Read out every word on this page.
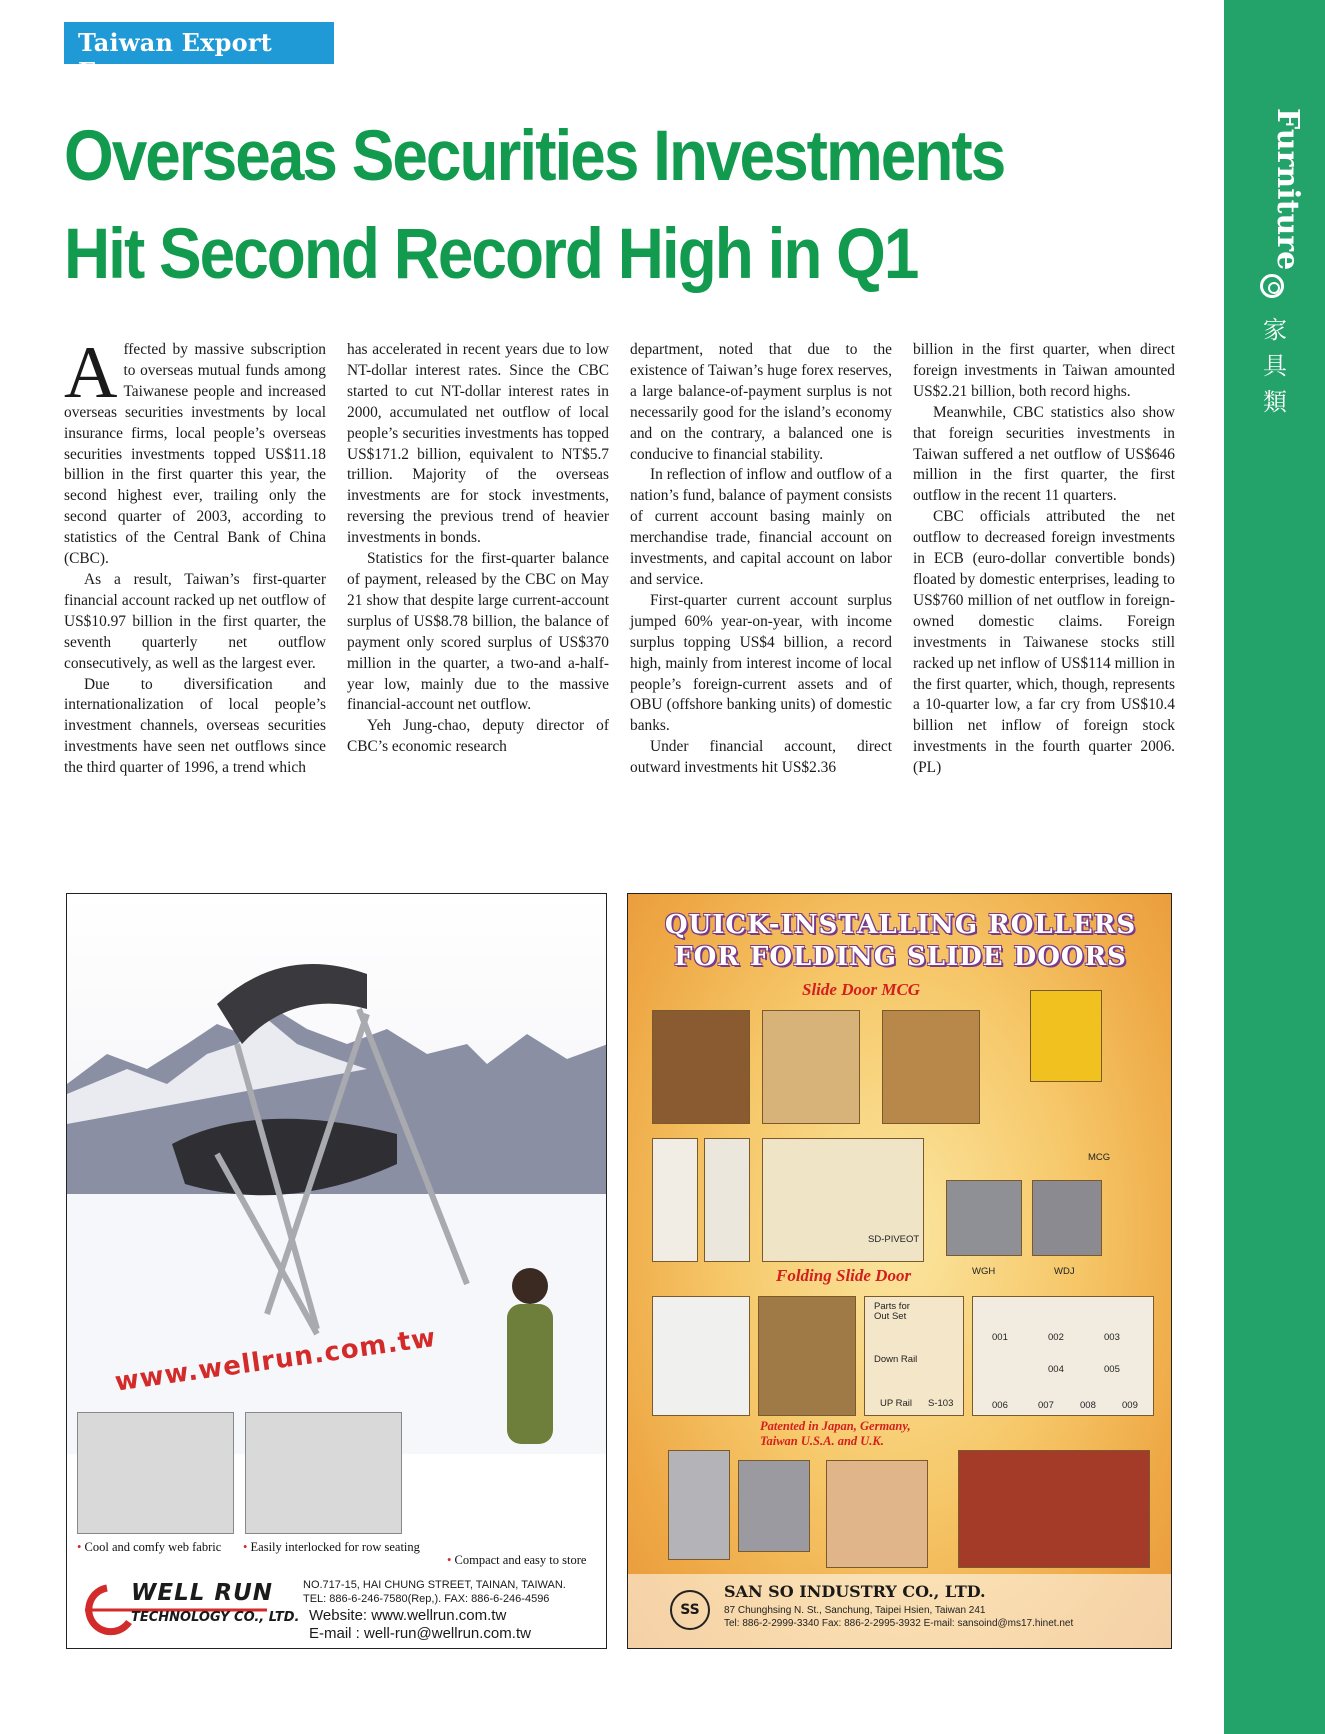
Taiwan Export Express
Furniture
家
具
類
Overseas Securities Investments Hit Second Record High in Q1

Affected by massive subscription to overseas mutual funds among Taiwanese people and increased overseas securities investments by local insurance firms, local people’s overseas securities investments topped US$11.18 billion in the first quarter this year, the second highest ever, trailing only the second quarter of 2003, according to statistics of the Central Bank of China (CBC).

As a result, Taiwan’s first-quarter financial account racked up net outflow of US$10.97 billion in the first quarter, the seventh quarterly net outflow consecutively, as well as the largest ever.

Due to diversification and internationalization of local people’s investment channels, overseas securities investments have seen net outflows since the third quarter of 1996, a trend which

has accelerated in recent years due to low NT-dollar interest rates. Since the CBC started to cut NT-dollar interest rates in 2000, accumulated net outflow of local people’s securities investments has topped US$171.2 billion, equivalent to NT$5.7 trillion. Majority of the overseas investments are for stock investments, reversing the previous trend of heavier investments in bonds.

Statistics for the first-quarter balance of payment, released by the CBC on May 21 show that despite large current-account surplus of US$8.78 billion, the balance of payment only scored surplus of US$370 million in the quarter, a two-and a-half-year low, mainly due to the massive financial-account net outflow.

Yeh Jung-chao, deputy director of CBC’s economic research

department, noted that due to the existence of Taiwan’s huge forex reserves, a large balance-of-payment surplus is not necessarily good for the island’s economy and on the contrary, a balanced one is conducive to financial stability.

In reflection of inflow and outflow of a nation’s fund, balance of payment consists of current account basing mainly on merchandise trade, financial account on investments, and capital account on labor and service.

First-quarter current account surplus jumped 60% year-on-year, with income surplus topping US$4 billion, a record high, mainly from interest income of local people’s foreign-current assets and of OBU (offshore banking units) of domestic banks.

Under financial account, direct outward investments hit US$2.36

billion in the first quarter, when direct foreign investments in Taiwan amounted US$2.21 billion, both record highs.

Meanwhile, CBC statistics also show that foreign securities investments in Taiwan suffered a net outflow of US$646 million in the first quarter, the first outflow in the recent 11 quarters.

CBC officials attributed the net outflow to decreased foreign investments in ECB (euro-dollar convertible bonds) floated by domestic enterprises, leading to US$760 million of net outflow in foreign-owned domestic claims. Foreign investments in Taiwanese stocks still racked up net inflow of US$114 million in the first quarter, which, though, represents a 10-quarter low, a far cry from US$10.4 billion net inflow of foreign stock investments in the fourth quarter 2006. (PL)

www.wellrun.com.tw
• Cool and comfy web fabric • Easily interlocked for row seating
• Compact and easy to store
WELL RUN
TECHNOLOGY CO., LTD.
NO.717-15, HAI CHUNG STREET, TAINAN, TAIWAN.
TEL: 886-6-246-7580(Rep,). FAX: 886-6-246-4596
Website: www.wellrun.com.tw
E-mail : well-run@wellrun.com.tw
QUICK-INSTALLING ROLLERS
FOR FOLDING SLIDE DOORS
Slide Door MCG
MCG
SD-PIVEOT
WGH	WDJ
Folding Slide Door
Parts for Out Set
Down Rail
UP Rail S-103
001	002	003
004	005
006	007	008	009
Patented in Japan, Germany,
Taiwan U.S.A. and U.K.
SS
SAN SO INDUSTRY CO., LTD.
87 Chunghsing N. St., Sanchung, Taipei Hsien, Taiwan 241
Tel: 886-2-2999-3340 Fax: 886-2-2995-3932 E-mail: sansoind@ms17.hinet.net
